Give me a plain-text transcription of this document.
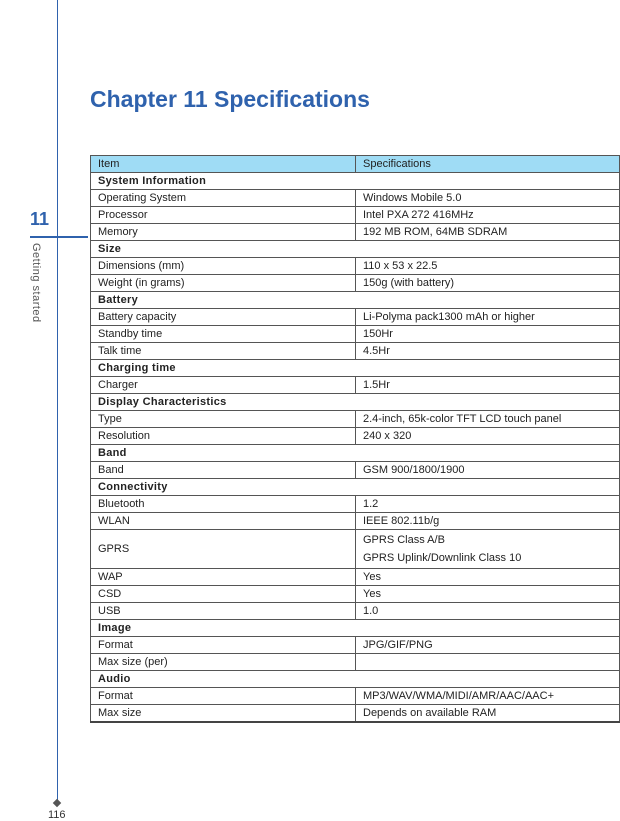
11
Getting started
116
Chapter 11 Specifications
Item	Specifications
System Information	
Operating System	Windows Mobile 5.0
Processor	Intel PXA 272 416MHz
Memory	192 MB ROM, 64MB SDRAM
Size	
Dimensions (mm)	110 x 53 x 22.5
Weight (in grams)	150g (with battery)
Battery	
Battery capacity	Li-Polyma pack1300 mAh or higher
Standby time	150Hr
Talk time	4.5Hr
Charging time	
Charger	1.5Hr
Display Characteristics	
Type	2.4-inch, 65k-color TFT LCD touch panel
Resolution	240 x 320
Band	
Band	GSM 900/1800/1900
Connectivity	
Bluetooth	1.2
WLAN	IEEE 802.11b/g
GPRS	GPRS Class A/B
GPRS Uplink/Downlink Class 10

WAP	Yes
CSD	Yes
USB	1.0
Image	
Format	JPG/GIF/PNG
Max size (per)	
Audio	
Format	MP3/WAV/WMA/MIDI/AMR/AAC/AAC+
Max size	Depends on available RAM
